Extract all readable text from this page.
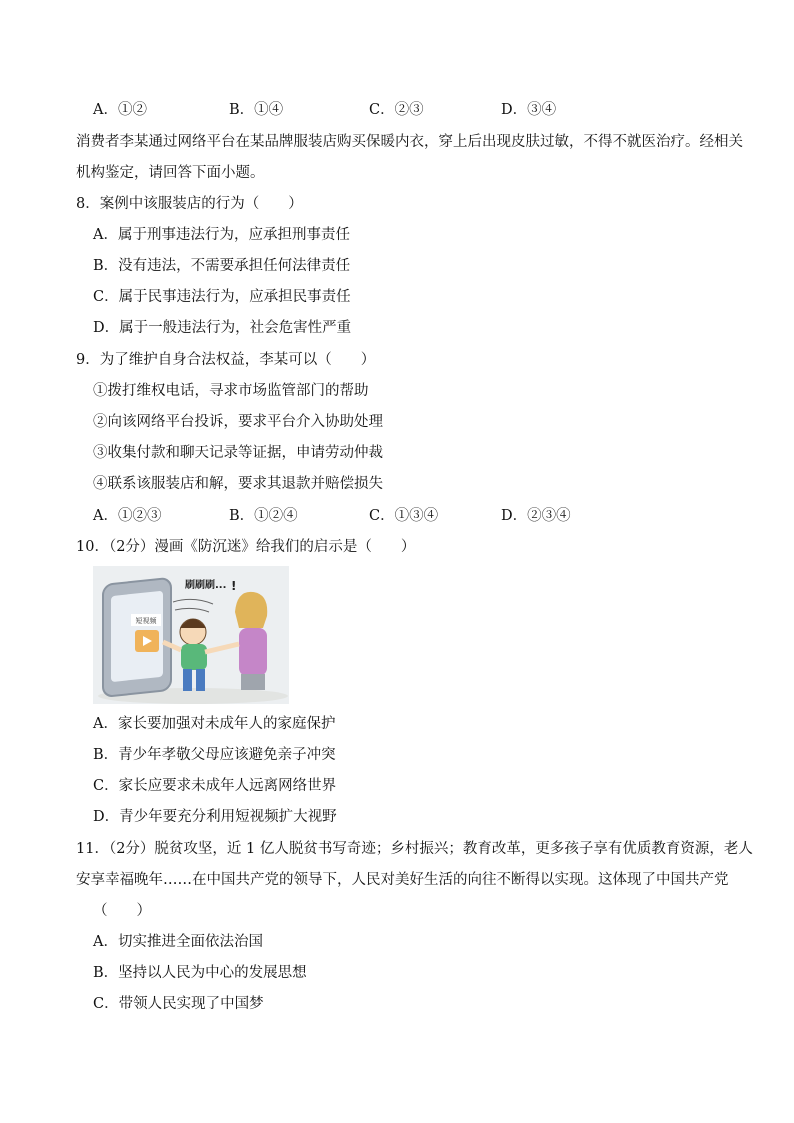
A．①②	B．①④	C．②③	D．③④
消费者李某通过网络平台在某品牌服装店购买保暖内衣，穿上后出现皮肤过敏，不得不就医治疗。经相关
机构鉴定，请回答下面小题。
8．案例中该服装店的行为（　　）
A．属于刑事违法行为，应承担刑事责任
B．没有违法，不需要承担任何法律责任
C．属于民事违法行为，应承担民事责任
D．属于一般违法行为，社会危害性严重
9．为了维护自身合法权益，李某可以（　　）
①拨打维权电话，寻求市场监管部门的帮助
②向该网络平台投诉，要求平台介入协助处理
③收集付款和聊天记录等证据，申请劳动仲裁
④联系该服装店和解，要求其退款并赔偿损失
A．①②③	B．①②④	C．①③④	D．②③④
10．（2分）漫画《防沉迷》给我们的启示是（　　）
短视频
刷刷刷... !
A．家长要加强对未成年人的家庭保护
B．青少年孝敬父母应该避免亲子冲突
C．家长应要求未成年人远离网络世界
D．青少年要充分利用短视频扩大视野
11．（2分）脱贫攻坚，近 1 亿人脱贫书写奇迹；乡村振兴；教育改革，更多孩子享有优质教育资源，老人
安享幸福晚年……在中国共产党的领导下，人民对美好生活的向往不断得以实现。这体现了中国共产党
（　　）
A．切实推进全面依法治国
B．坚持以人民为中心的发展思想
C．带领人民实现了中国梦
